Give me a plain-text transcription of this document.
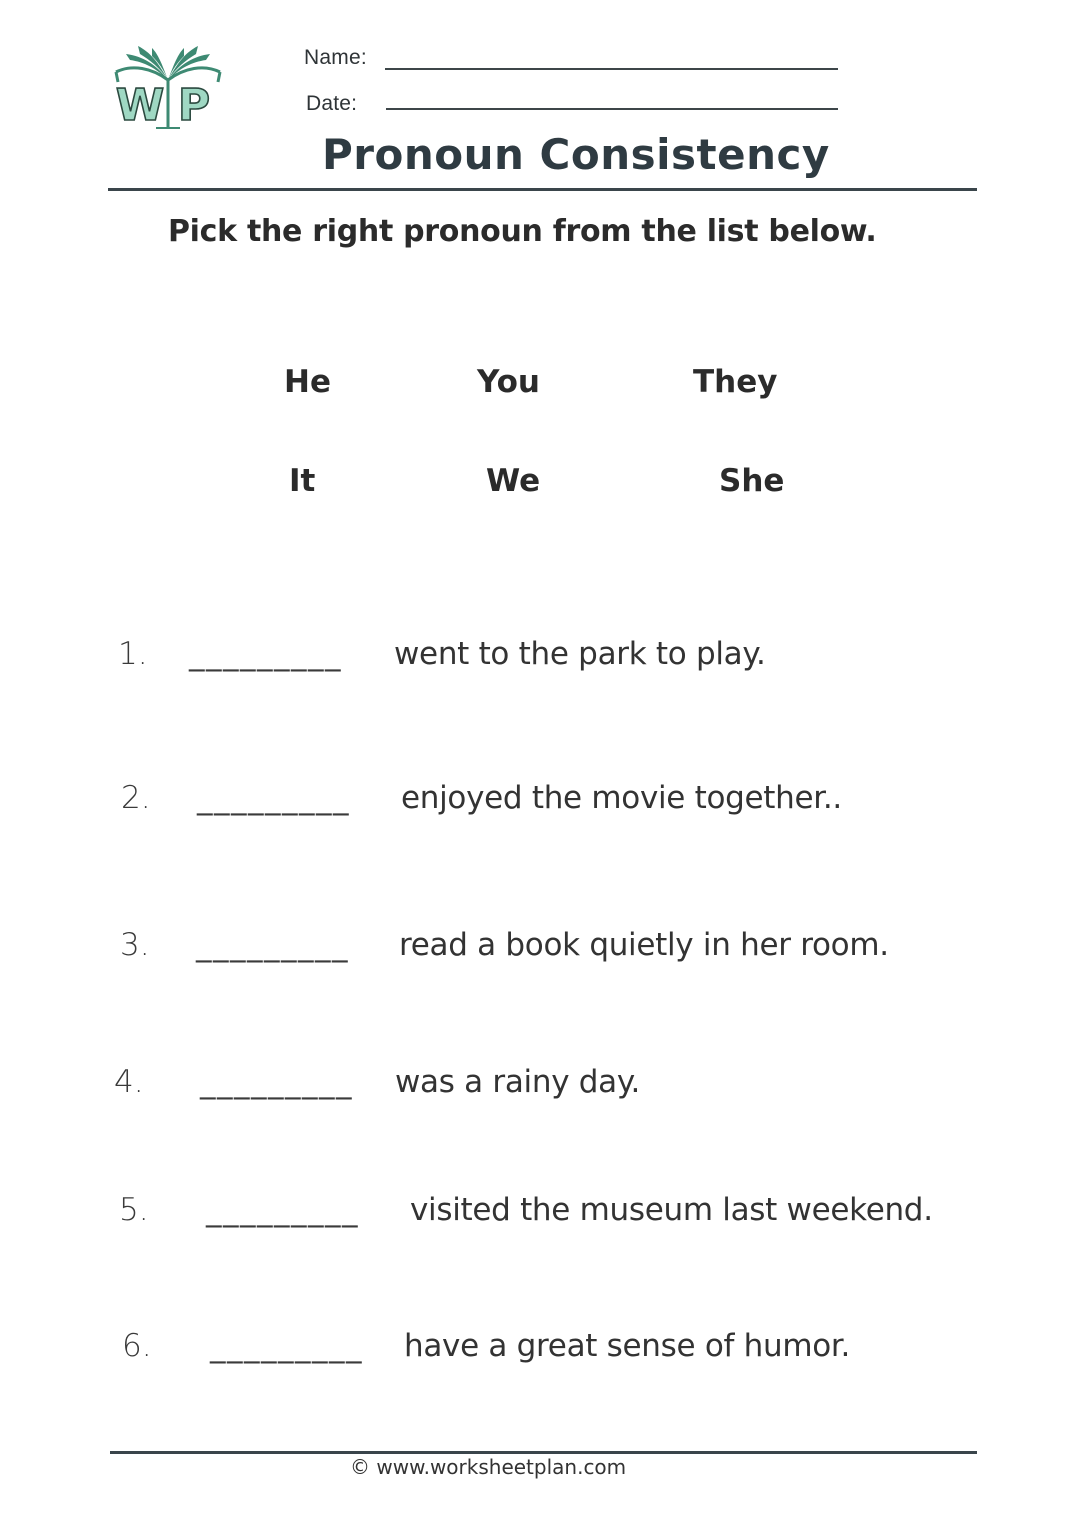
W P
Name:
Date:
Pronoun Consistency
Pick the right pronoun from the list below.
He	You	They
It	We	She
1. _________ went to the park to play.
2. _________ enjoyed the movie together..
3. _________ read a book quietly in her room.
4. _________ was a rainy day.
5. _________ visited the museum last weekend.
6. _________ have a great sense of humor.
© www.worksheetplan.com
